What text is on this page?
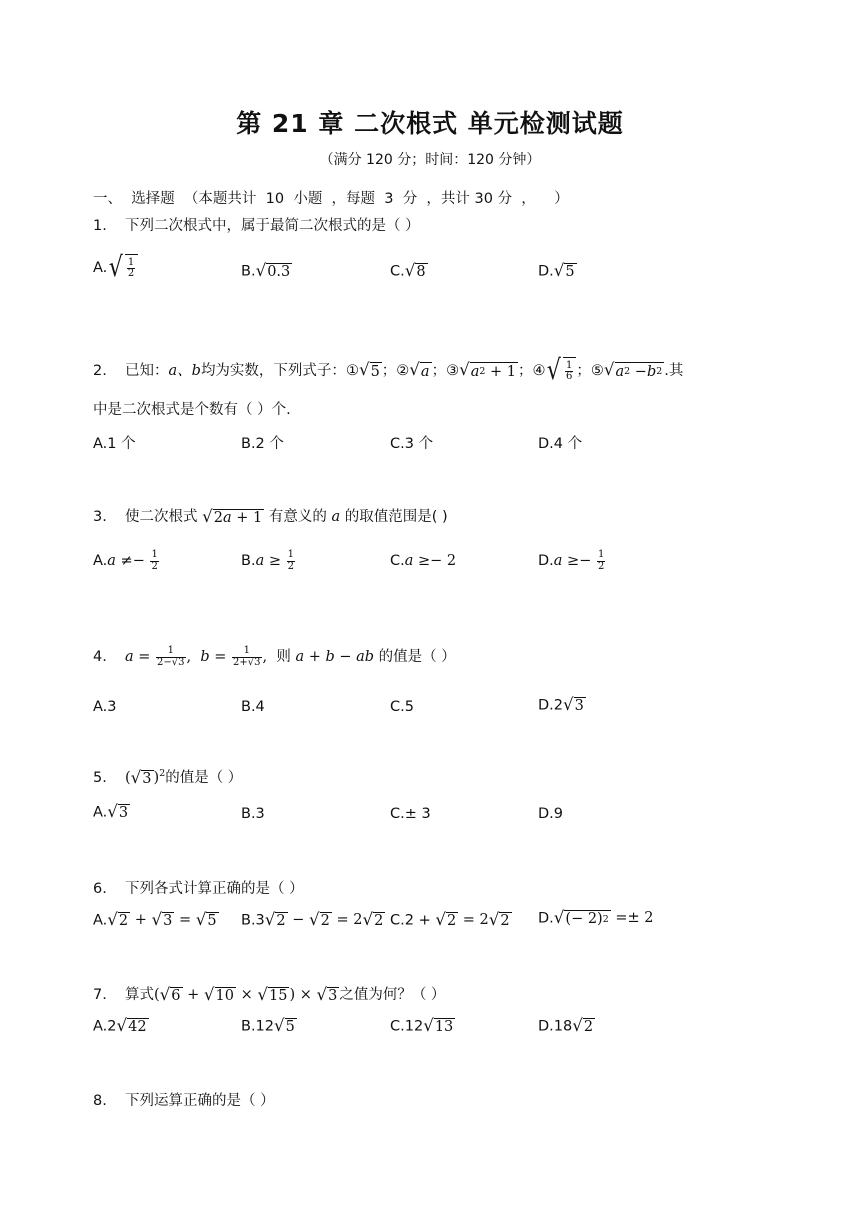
第 21 章 二次根式 单元检测试题
（满分 120 分；时间：120 分钟）
一、  选择题  （本题共计  10  小题  ，每题  3  分  ，共计 30 分  ，    ）
1. 下列二次根式中，属于最简二次根式的是（ ）
A. √ $\frac{1}{2}$	B. √ 0.3	C. √ 8	D. √ 5
2. 已知：a、b均为实数，下列式子：① √ 5 ；② √ a ；③ √ a 2 + 1 ；④ √ $\frac{1}{6}$ ；⑤ √ a 2 − b 2 .其
中是二次根式是个数有（ ）个.
A.1 个	B.2 个	C.3 个	D.4 个
3. 使二次根式 √ 2 a + 1 有意义的 a 的取值范围是( )
$A.a \ne- \frac{1}{2}$	$B.a \ge \frac{1}{2}$	C.a ≥− 2	$D.a \ge- \frac{1}{2}$
4. $a = \frac{1}{2-√3}$ ,  $b = \frac{1}{2+√3}$ , 则 a + b − ab 的值是（ ）
A.3	B.4	C.5	D.2 √ 3
5. ( √ 3 )$^2$的值是（ ）
A. √ 3	B.3	C.± 3	D.9
6. 下列各式计算正确的是（ ）
A. √ 2 + √ 3 = √ 5 B.3 √ 2 − √ 2 = 2 √ 2 C.2 + √ 2 = 2 √ 2 D. √ (− 2) 2 =± 2
7. 算式( √ 6 + √ 10 × √ 15 ) × √ 3 之值为何？（ ）
A.2 √ 42	B.12 √ 5	C.12 √ 13	D.18 √ 2
8. 下列运算正确的是（ ）
